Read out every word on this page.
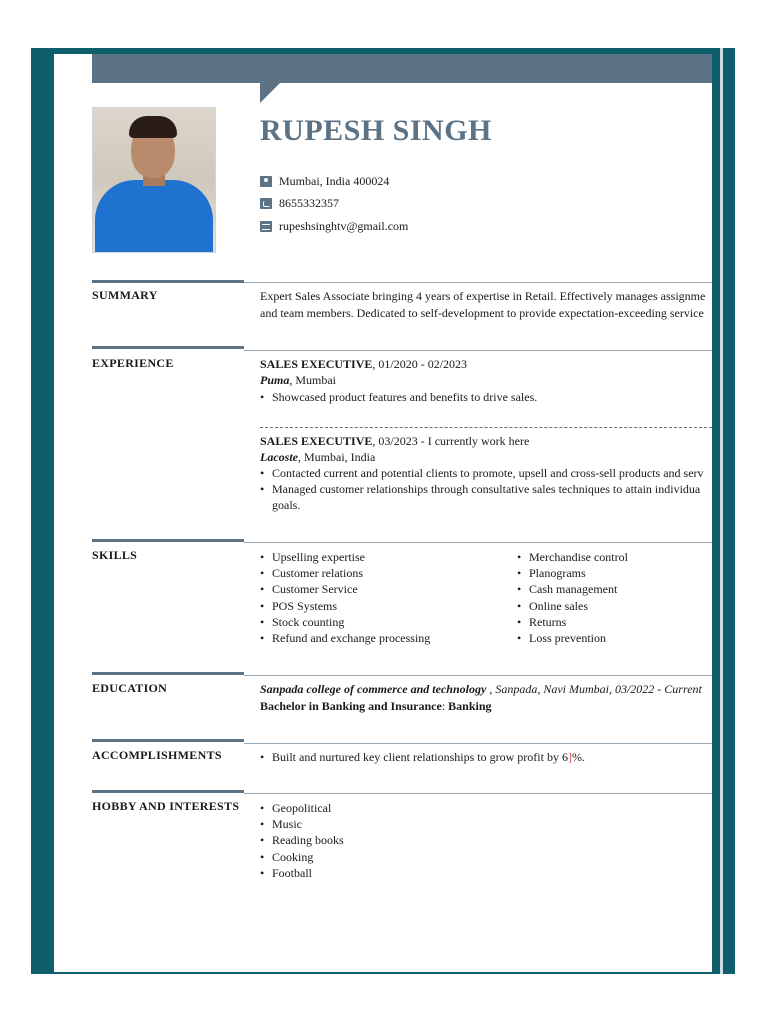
RUPESH SINGH
Mumbai, India 400024
8655332357
rupeshsinghtv@gmail.com
SUMMARY	Expert Sales Associate bringing 4 years of expertise in Retail. Effectively manages assignme

and team members. Dedicated to self-development to provide expectation-exceeding service

EXPERIENCE	SALES EXECUTIVE, 01/2020 - 02/2023

Puma, Mumbai

• Showcased product features and benefits to drive sales.

SALES EXECUTIVE, 03/2023 - I currently work here

Lacoste, Mumbai, India

• Contacted current and potential clients to promote, upsell and cross-sell products and serv
• Managed customer relationships through consultative sales techniques to attain individua
goals.
SKILLS	• Upselling expertise
• Customer relations
• Customer Service
• POS Systems
• Stock counting
• Refund and exchange processing
• Merchandise control
• Planograms
• Cash management
• Online sales
• Returns
• Loss prevention
EDUCATION	Sanpada college of commerce and technology , Sanpada, Navi Mumbai, 03/2022 - Current

Bachelor in Banking and Insurance: Banking

ACCOMPLISHMENTS	• Built and nurtured key client relationships to grow profit by 6]%.
HOBBY AND INTERESTS	• Geopolitical
• Music
• Reading books
• Cooking
• Football
